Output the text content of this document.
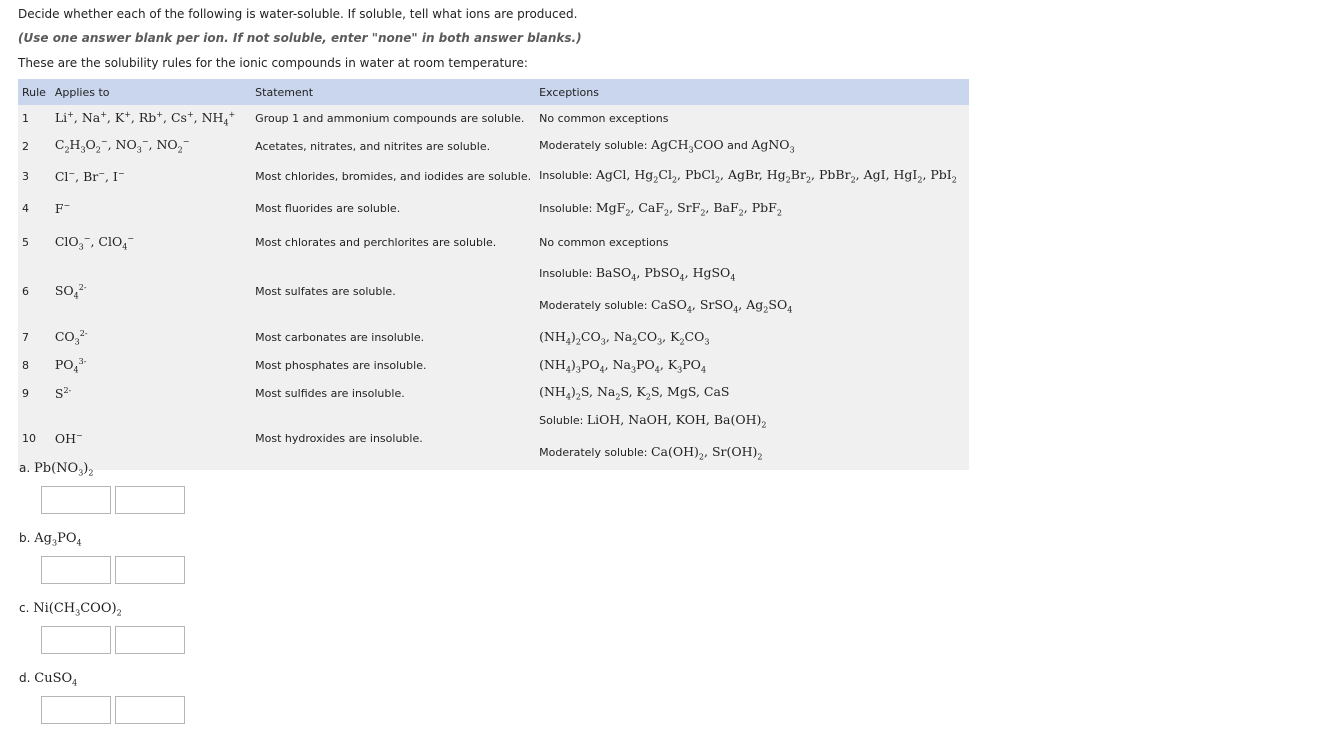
Decide whether each of the following is water-soluble. If soluble, tell what ions are produced.
(Use one answer blank per ion. If not soluble, enter "none" in both answer blanks.)
These are the solubility rules for the ionic compounds in water at room temperature:
Rule	Applies to	Statement	Exceptions
1	Li+, Na+, K+, Rb+, Cs+, $NH_4^+$	Group 1 and ammonium compounds are soluble.	No common exceptions
2	$C_2H_3O_2^-$, $NO_3^-$, $NO_2^-$	Acetates, nitrates, and nitrites are soluble.	Moderately soluble: AgCH$_3$COO and AgNO$_3$
3	Cl−, Br−, I−	Most chlorides, bromides, and iodides are soluble.	Insoluble: AgCl, $Hg_2Cl_2$, PbCl$_2$, AgBr, $Hg_2Br_2$, PbBr$_2$, AgI, HgI$_2$, PbI$_2$
4	F−	Most fluorides are soluble.	Insoluble: MgF$_2$, CaF$_2$, SrF$_2$, BaF$_2$, PbF$_2$
5	ClO$_3$−, ClO$_4$−	Most chlorates and perchlorites are soluble.	No common exceptions
6	$SO_4^{2-}$	Most sulfates are soluble.	Insoluble: BaSO$_4$, PbSO$_4$, HgSO$_4$
Moderately soluble: CaSO$_4$, SrSO$_4$, $Ag_2SO_4$

7	$CO_3^{2-}$	Most carbonates are insoluble.	$(NH_4)_2CO_3$, $Na_2CO_3$, $K_2CO_3$
8	$PO_4^{3-}$	Most phosphates are insoluble.	$(NH_4)_3PO_4$, $Na_3PO_4$, $K_3PO_4$
9	$S^{2-}$	Most sulfides are insoluble.	$(NH_4)_2S$, $Na_2S$, $K_2S$, MgS, CaS
10	OH−	Most hydroxides are insoluble.	Soluble: LiOH, NaOH, KOH, $Ba(OH)_2$
Moderately soluble: $Ca(OH)_2$, $Sr(OH)_2$
a. $Pb(NO_3)_2$
b. $Ag_3PO_4$
c. $Ni(CH_3COO)_2$
d. CuSO$_4$
